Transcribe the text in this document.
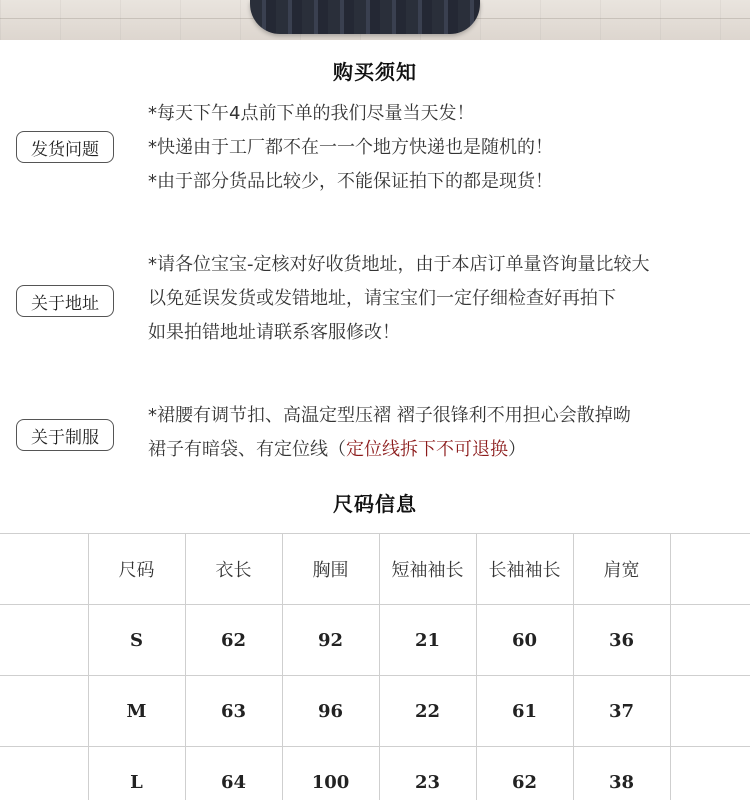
购买须知
发货问题
*每天下午4点前下单的我们尽量当天发！
*快递由于工厂都不在一一个地方快递也是随机的！
*由于部分货品比较少，不能保证拍下的都是现货！
关于地址
*请各位宝宝-定核对好收货地址，由于本店订单量咨询量比较大
以免延误发货或发错地址，请宝宝们一定仔细检查好再拍下
如果拍错地址请联系客服修改！
关于制服
*裙腰有调节扣、高温定型压褶 褶子很锋利不用担心会散掉呦
裙子有暗袋、有定位线（定位线拆下不可退换）
尺码信息
	尺码	衣长	胸围	短袖袖长	长袖袖长	肩宽	
	S	62	92	21	60	36	
	M	63	96	22	61	37	
	L	64	100	23	62	38	
